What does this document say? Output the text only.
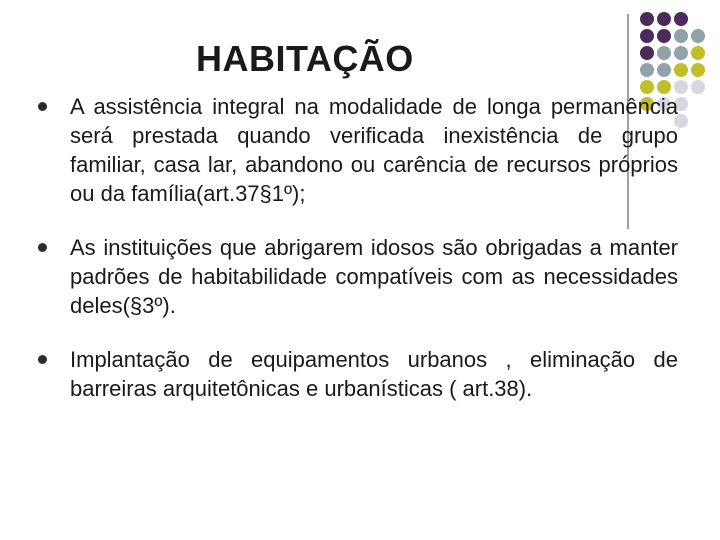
HABITAÇÃO
A assistência integral na modalidade de longa permanência será prestada quando verificada inexistência de grupo familiar, casa lar, abandono ou carência de recursos próprios ou da família(art.37§1º);
As instituições que abrigarem idosos são obrigadas a manter padrões de habitabilidade compatíveis com as necessidades deles(§3º).
Implantação de equipamentos urbanos , eliminação de barreiras arquitetônicas e urbanísticas ( art.38).
